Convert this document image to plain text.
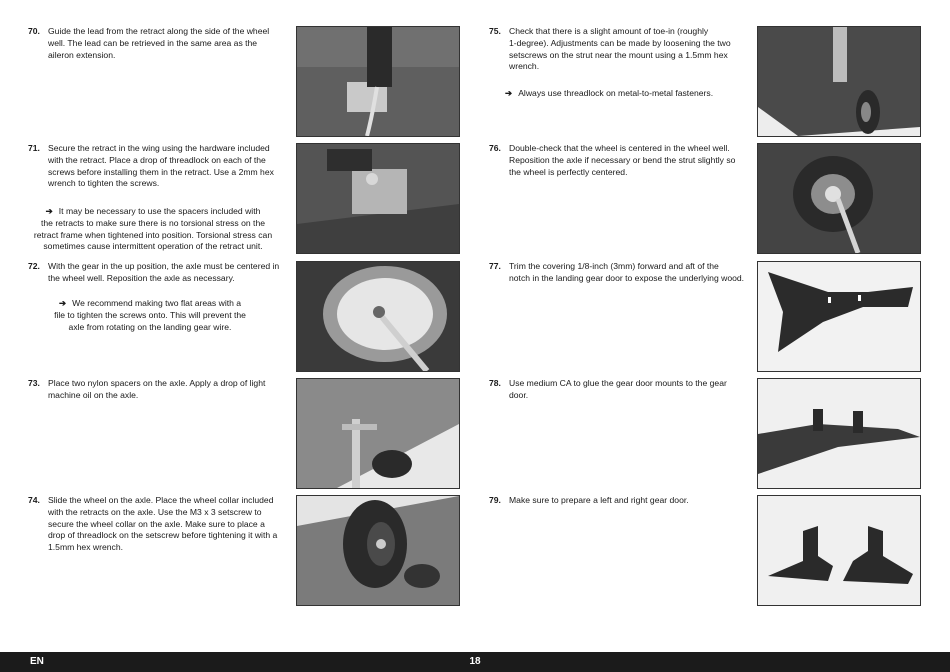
70. Guide the lead from the retract along the side of the wheel
well. The lead can be retrieved in the same area as the
aileron extension.
71. Secure the retract in the wing using the hardware included
with the retract. Place a drop of threadlock on each of the
screws before installing them in the retract. Use a 2mm hex
wrench to tighten the screws.
➔ It may be necessary to use the spacers included with
the retracts to make sure there is no torsional stress on the
retract frame when tightened into position. Torsional stress can
sometimes cause intermittent operation of the retract unit.
72. With the gear in the up position, the axle must be centered in
the wheel well. Reposition the axle as necessary.
➔ We recommend making two flat areas with a
file to tighten the screws onto. This will prevent the
axle from rotating on the landing gear wire.
73. Place two nylon spacers on the axle. Apply a drop of light
machine oil on the axle.
74. Slide the wheel on the axle. Place the wheel collar included
with the retracts on the axle. Use the M3 x 3 setscrew to
secure the wheel collar on the axle. Make sure to place a
drop of threadlock on the setscrew before tightening it with a
1.5mm hex wrench.
75. Check that there is a slight amount of toe-in (roughly
1-degree). Adjustments can be made by loosening the two
setscrews on the strut near the mount using a 1.5mm hex
wrench.
➔ Always use threadlock on metal-to-metal fasteners.
76. Double-check that the wheel is centered in the wheel well.
Reposition the axle if necessary or bend the strut slightly so
the wheel is perfectly centered.
77. Trim the covering 1/8-inch (3mm) forward and aft of the
notch in the landing gear door to expose the underlying wood.
78. Use medium CA to glue the gear door mounts to the gear
door.
79. Make sure to prepare a left and right gear door.
18
EN
